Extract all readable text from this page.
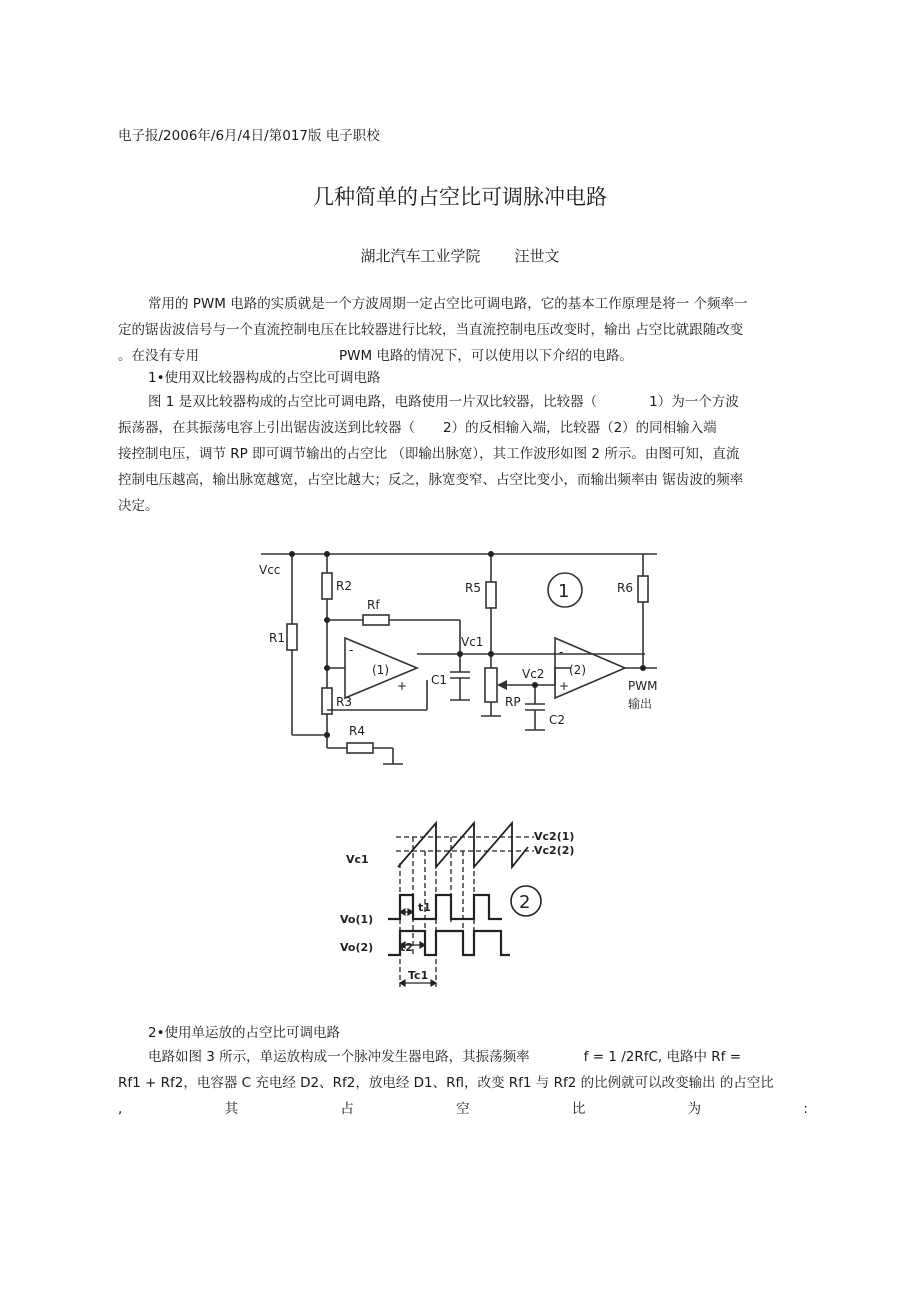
电子报/2006年/6月/4日/第017版 电子职校
几种简单的占空比可调脉冲电路
湖北汽车工业学院 汪世文
常用的 PWM 电路的实质就是一个方波周期一定占空比可调电路，它的基本工作原理是将一 个频率一
定的锯齿波信号与一个直流控制电压在比较器进行比较，当直流控制电压改变时，输出 占空比就跟随改变
。在没有专用	PWM 电路的情况下，可以使用以下介绍的电路。
1•使用双比较器构成的占空比可调电路
图 1 是双比较器构成的占空比可调电路，电路使用一片双比较器，比较器（	1）为一个方波
振荡器，在其振荡电容上引出锯齿波送到比较器（ 2）的反相输入端，比较器（2）的同相输入端
接控制电压，调节 RP 即可调节输出的占空比 （即输出脉宽），其工作波形如图 2 所示。由图可知，直流
控制电压越高，输出脉宽越宽，占空比越大；反之，脉宽变窄、占空比变小，而输出频率由 锯齿波的频率
决定。
Vcc
R1
R2
Rf
R3
R4
R5	R6
C1
C2
Vc1
Vc2
RP
(1)	(2)
-
+
-
+	PWM
输出
1
Vc1
Vc2(1)
Vc2(2)
Vo(1)
Vo(2)
t1
t2
Tc1
2
2•使用单运放的占空比可调电路
电路如图 3 所示，单运放构成一个脉冲发生器电路，其振荡频率	f = 1 /2RfC, 电路中 Rf =
Rf1 + Rf2，电容器 C 充电经 D2、Rf2，放电经 D1、Rfl，改变 Rf1 与 Rf2 的比例就可以改变输出 的占空比
,	其	占	空	比	为	:
